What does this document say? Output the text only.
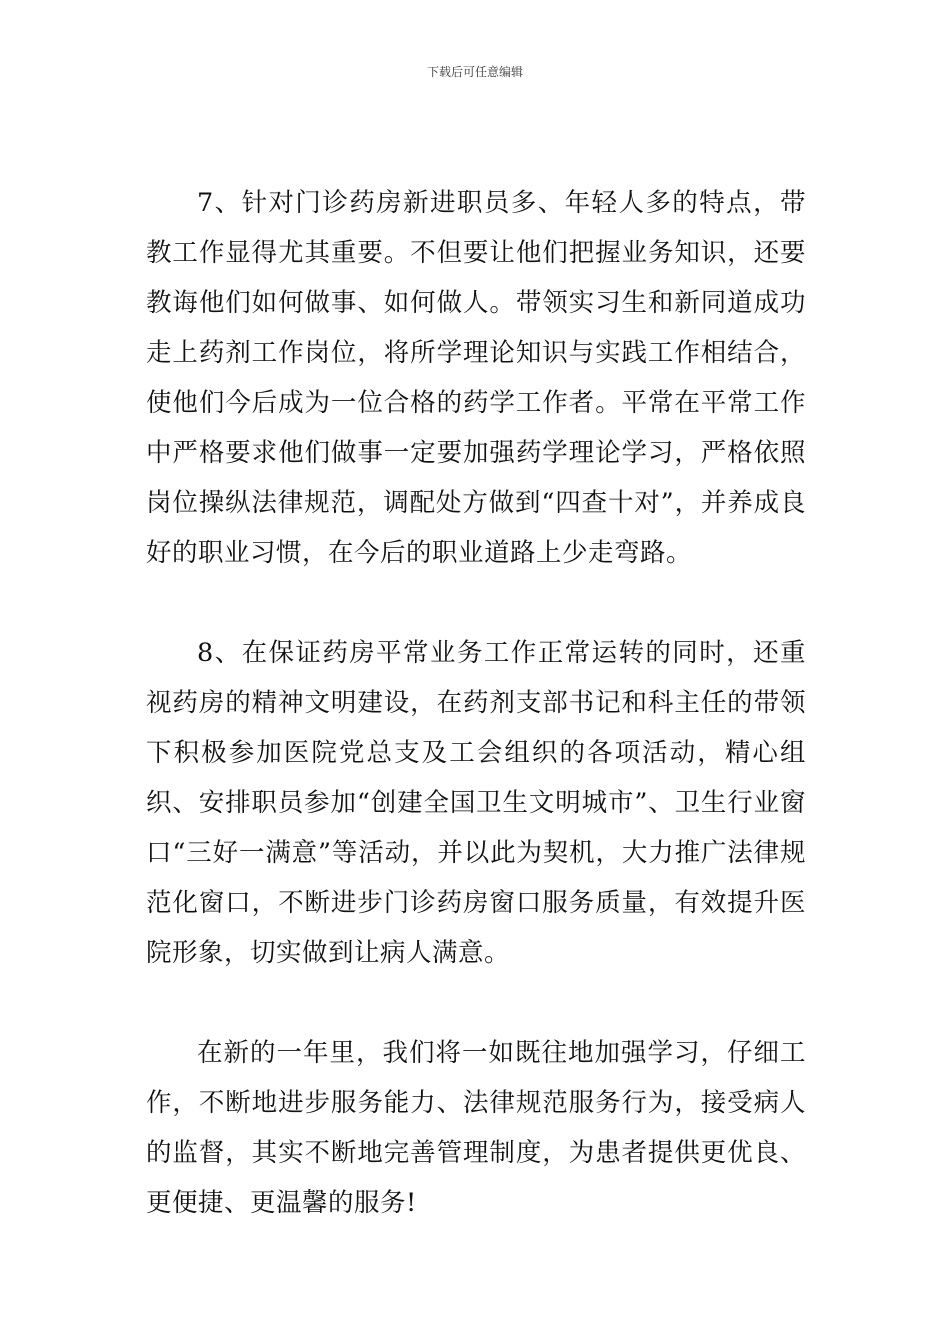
下载后可任意编辑

7、针对门诊药房新进职员多、年轻人多的特点，带教工作显得尤其重要。不但要让他们把握业务知识，还要教诲他们如何做事、如何做人。带领实习生和新同道成功走上药剂工作岗位，将所学理论知识与实践工作相结合，使他们今后成为一位合格的药学工作者。平常在平常工作中严格要求他们做事一定要加强药学理论学习，严格依照岗位操纵法律规范，调配处方做到“四查十对”，并养成良好的职业习惯，在今后的职业道路上少走弯路。

8、在保证药房平常业务工作正常运转的同时，还重视药房的精神文明建设，在药剂支部书记和科主任的带领下积极参加医院党总支及工会组织的各项活动，精心组织、安排职员参加“创建全国卫生文明城市”、卫生行业窗口“三好一满意”等活动，并以此为契机，大力推广法律规范化窗口，不断进步门诊药房窗口服务质量，有效提升医院形象，切实做到让病人满意。

在新的一年里，我们将一如既往地加强学习，仔细工作，不断地进步服务能力、法律规范服务行为，接受病人的监督，其实不断地完善管理制度，为患者提供更优良、更便捷、更温馨的服务!
